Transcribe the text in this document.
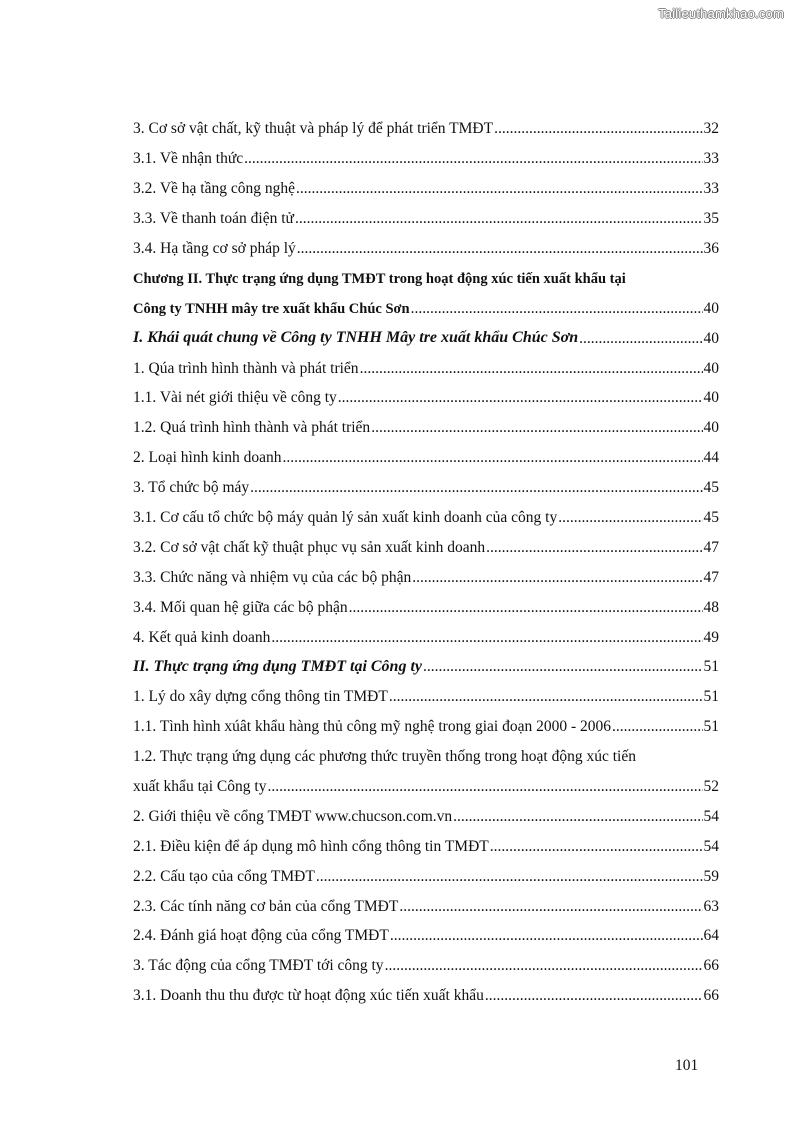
Tailieuthamkhao.com
3. Cơ sở vật chất, kỹ thuật và pháp lý để phát triển TMĐT .....	32
3.1. Về nhận thức .....	33
3.2. Về hạ tầng công nghệ .....	33
3.3. Về thanh toán điện tử .....	35
3.4. Hạ tầng cơ sở pháp lý .....	36
Chương II. Thực trạng ứng dụng TMĐT trong hoạt động xúc tiến xuất khẩu tại
Công ty TNHH mây tre xuất khẩu Chúc Sơn .....	40
I. Khái quát chung về Công ty TNHH Mây tre xuất khẩu Chúc Sơn .....	40
1. Qúa trình hình thành và phát triển .....	40
1.1. Vài nét giới thiệu về công ty .....	40
1.2. Quá trình hình thành và phát triển .....	40
2. Loại hình kinh doanh .....	44
3. Tổ chức bộ máy .....	45
3.1. Cơ cấu tổ chức bộ máy quản lý sản xuất kinh doanh của công ty .....	45
3.2. Cơ sở vật chất kỹ thuật phục vụ sản xuất kinh doanh .....	47
3.3. Chức năng và nhiệm vụ của các bộ phận .....	47
3.4. Mối quan hệ giữa các bộ phận .....	48
4. Kết quả kinh doanh .....	49
II. Thực trạng ứng dụng TMĐT tại Công ty .....	51
1. Lý do xây dựng cổng thông tin TMĐT .....	51
1.1. Tình hình xúât khẩu hàng thủ công mỹ nghệ trong giai đoạn 2000 - 2006 .....	51
1.2. Thực trạng ứng dụng các phương thức truyền thống trong hoạt động xúc tiến
xuất khẩu tại Công ty .....	52
2. Giới thiệu về cổng TMĐT www.chucson.com.vn .....	54
2.1. Điều kiện để áp dụng mô hình cổng thông tin TMĐT .....	54
2.2. Cấu tạo của cổng TMĐT .....	59
2.3. Các tính năng cơ bản của cổng TMĐT .....	63
2.4. Đánh giá hoạt động của cổng TMĐT .....	64
3. Tác động của cổng TMĐT tới công ty .....	66
3.1. Doanh thu thu được từ hoạt động xúc tiến xuất khẩu .....	66
101
